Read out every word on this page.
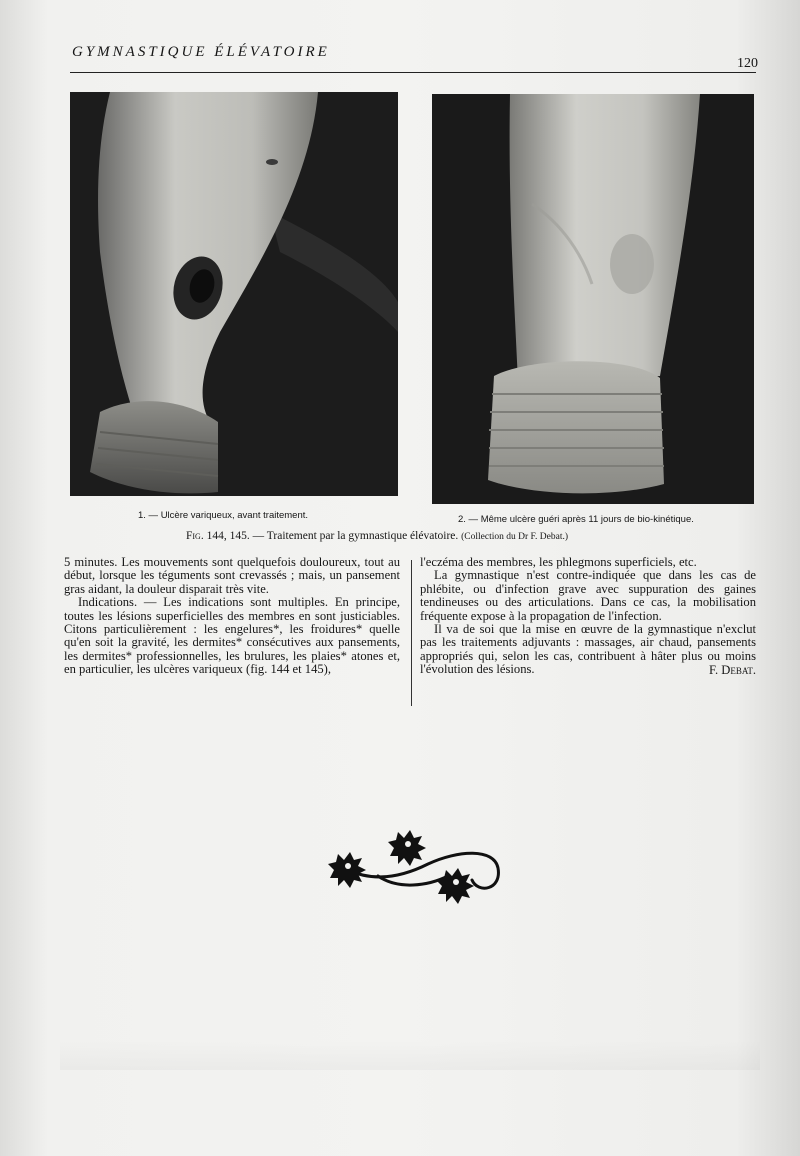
GYMNASTIQUE ÉLÉVATOIRE
120
1. — Ulcère variqueux, avant traitement.	2. — Même ulcère guéri après 11 jours de bio-kinétique.
Fig. 144, 145. — Traitement par la gymnastique élévatoire. (Collection du Dr F. Debat.)

5 minutes. Les mouvements sont quelquefois douloureux, tout au début, lorsque les téguments sont crevassés ; mais, un pansement gras aidant, la douleur disparait très vite.

Indications. — Les indications sont multiples. En principe, toutes les lésions superficielles des membres en sont justiciables. Citons particulièrement : les engelures*, les froidures* quelle qu'en soit la gravité, les dermites* consécutives aux pansements, les dermites* professionnelles, les brulures, les plaies* atones et, en particulier, les ulcères variqueux (fig. 144 et 145),

l'eczéma des membres, les phlegmons superficiels, etc.

La gymnastique n'est contre-indiquée que dans les cas de phlébite, ou d'infection grave avec suppuration des gaines tendineuses ou des articulations. Dans ce cas, la mobilisation fréquente expose à la propagation de l'infection.

Il va de soi que la mise en œuvre de la gymnastique n'exclut pas les traitements adjuvants : massages, air chaud, pansements appropriés qui, selon les cas, contribuent à hâter plus ou moins l'évolution des lésions.	F. Debat.
